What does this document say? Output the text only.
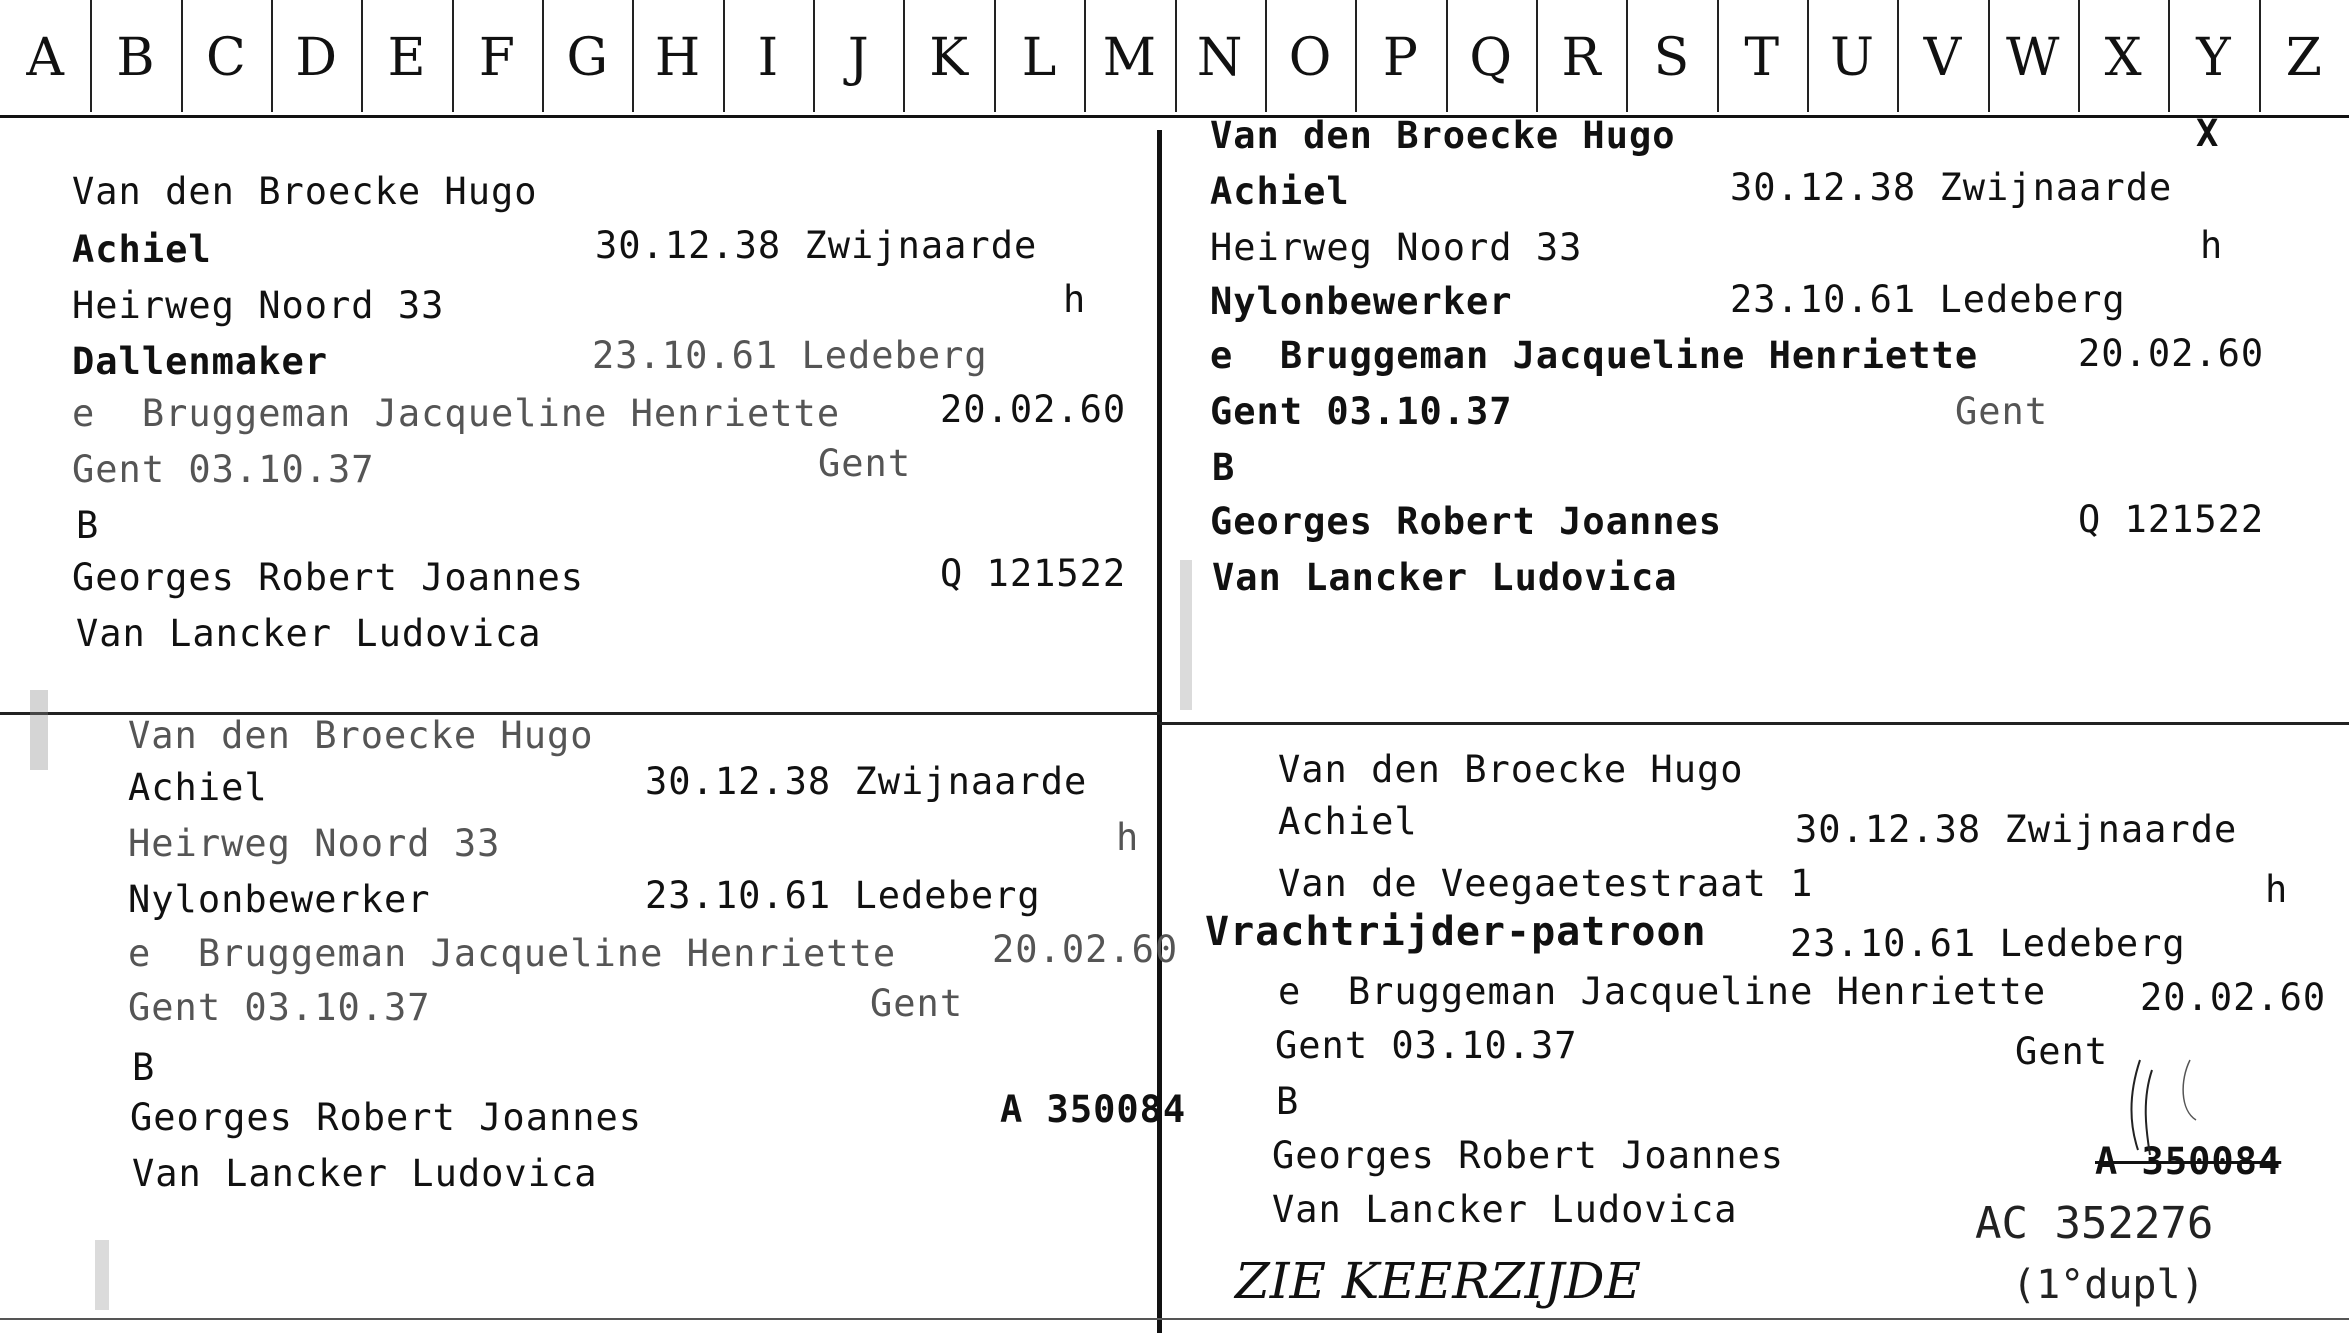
A	B C D E	F G H	I	J	K	L M N O P Q R	S	T U V W X	Y	Z
Van den Broecke Hugo
Achiel	30.12.38 Zwijnaarde
Heirweg Noord 33	h
Dallenmaker	23.10.61 Ledeberg
e  Bruggeman Jacqueline Henriette	20.02.60
Gent 03.10.37	Gent
B
Georges Robert Joannes	Q 121522
Van Lancker Ludovica
Van den Broecke Hugo	X
Achiel	30.12.38 Zwijnaarde
Heirweg Noord 33	h
Nylonbewerker	23.10.61 Ledeberg
e  Bruggeman Jacqueline Henriette	20.02.60
Gent 03.10.37	Gent
B
Georges Robert Joannes	Q 121522
Van Lancker Ludovica
Van den Broecke Hugo
Achiel	30.12.38 Zwijnaarde
Heirweg Noord 33	h
Nylonbewerker	23.10.61 Ledeberg
e  Bruggeman Jacqueline Henriette	20.02.60
Gent 03.10.37	Gent
B
Georges Robert Joannes	A 350084
Van Lancker Ludovica
Van den Broecke Hugo
Achiel	30.12.38 Zwijnaarde
Van de Veegaetestraat 1	h
Vrachtrijder-patroon 23.10.61 Ledeberg
e  Bruggeman Jacqueline Henriette	20.02.60
Gent 03.10.37	Gent
B
Georges Robert Joannes	A 350084
Van Lancker Ludovica	AC 352276
(1°dupl)
ZIE KEERZIJDE
